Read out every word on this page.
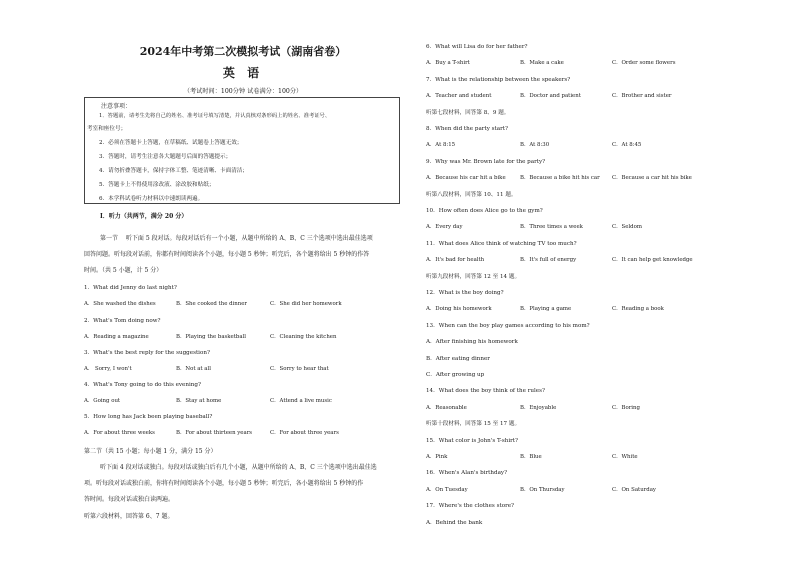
2024年中考第二次模拟考试（湖南省卷）
英 语
（考试时间：100分钟 试卷满分：100分）
注意事项：
1．答题前，请考生先将自己的姓名、准考证号填写清楚，并认真核对条形码上的姓名、准考证号、
考室和座位号；
2．必须在答题卡上答题，在草稿纸、试题卷上答题无效；
3．答题时，请考生注意各大题题号后面的答题提示；
4．请勿折叠答题卡，保持字体工整、笔迹清晰、卡面清洁；
5．答题卡上不得使用涂改液、涂改胶和贴纸；
6．本学科试卷听力材料以中速朗读两遍。
I．听力（共两节，满分 20 分）
第一节　 听下面 5 段对话。每段对话后有一个小题，从题中所给的 A、B、C 三个选项中选出最佳选项
回答问题。听每段对话前，你都有时间阅读各个小题，每小题 5 秒钟；听完后，各个题将给出 5 秒钟的作答
时间。（共 5 小题，计 5 分）
1．What did Jenny do last night?
A．She washed the dishes	B．She cooked the dinner	C．She did her homework
2．What's Tom doing now?
A．Reading a magazine	B．Playing the basketball	C．Cleaning the kitchen
3．What's the best reply for the suggestion?
A． Sorry, I won't	B．Not at all	C．Sorry to hear that
4．What's Tony going to do this evening?
A．Going out	B．Stay at home	C．Attend a live music
5．How long has Jack been playing baseball?
A．For about three weeks	B．For about thirteen years	C．For about three years
第二节（共 15 小题；每小题 1 分，满分 15 分）
听下面 4 段对话或独白。每段对话或独白后有几个小题，从题中所给的 A、B、C 三个选项中选出最佳选
项。听每段对话或独白前，你将有时间阅读各个小题，每小题 5 秒钟；听完后，各小题将给出 5 秒钟的作
答时间。每段对话或独白读两遍。
听第六段材料，回答第 6、7 题。
6．What will Lisa do for her father?
A．Buy a T-shirt	B．Make a cake	C．Order some flowers
7．What is the relationship between the speakers?
A．Teacher and student	B．Doctor and patient	C．Brother and sister
听第七段材料，回答第 8、9 题。
8．When did the party start?
A．At 8:15	B．At 8:30	C．At 8:45
9．Why was Mr. Brown late for the party?
A．Because his car hit a bike	B．Because a bike hit his car C．Because a car hit his bike
听第八段材料，回答第 10、11 题。
10．How often does Alice go to the gym?
A．Every day	B．Three times a week	C．Seldom
11．What does Alice think of watching TV too much?
A．It's bad for health	B．It's full of energy	C．It can help get knowledge
听第九段材料，回答第 12 至 14 题。
12．What is the boy doing?
A．Doing his homework	B．Playing a game	C．Reading a book
13．When can the boy play games according to his mom?
A．After finishing his homework
B．After eating dinner
C．After growing up
14．What does the boy think of the rules?
A．Reasonable	B．Enjoyable	C．Boring
听第十段材料，回答第 15 至 17 题。
15．What color is John's T-shirt?
A．Pink	B．Blue	C．White
16．When's Alan's birthday?
A．On Tuesday	B．On Thursday	C．On Saturday
17．Where's the clothes store?
A．Behind the bank
